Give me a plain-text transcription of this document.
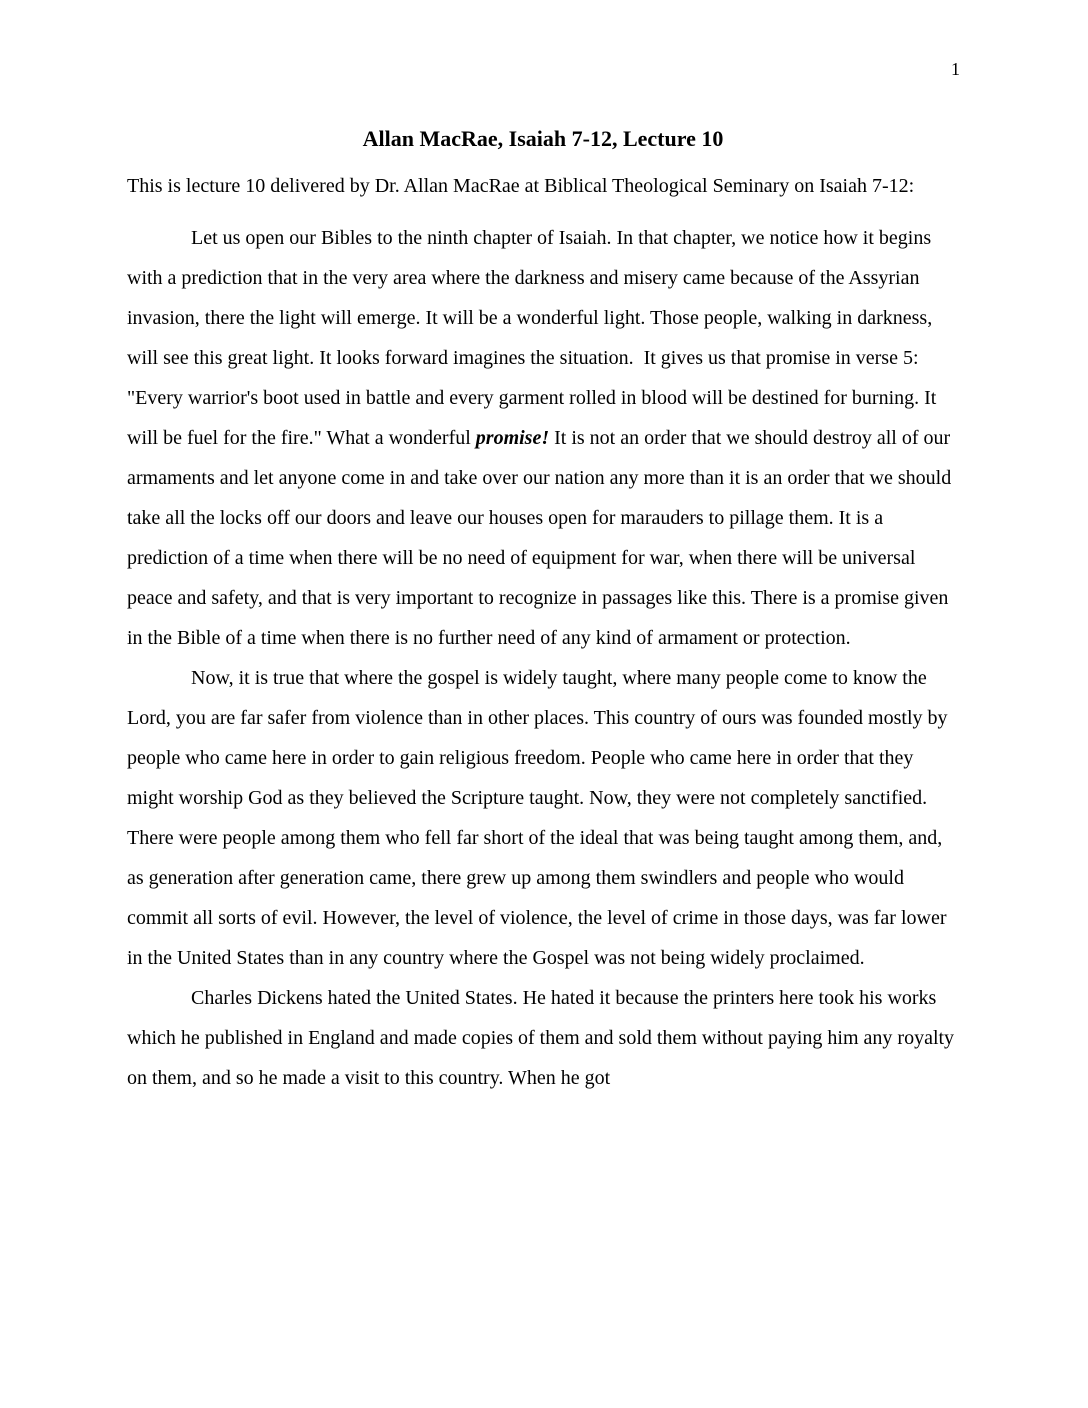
1
Allan MacRae, Isaiah 7-12, Lecture 10

This is lecture 10 delivered by Dr. Allan MacRae at Biblical Theological Seminary on Isaiah 7-12:

Let us open our Bibles to the ninth chapter of Isaiah. In that chapter, we notice how it begins with a prediction that in the very area where the darkness and misery came because of the Assyrian invasion, there the light will emerge. It will be a wonderful light. Those people, walking in darkness, will see this great light. It looks forward imagines the situation.  It gives us that promise in verse 5: "Every warrior's boot used in battle and every garment rolled in blood will be destined for burning. It will be fuel for the fire." What a wonderful promise! It is not an order that we should destroy all of our armaments and let anyone come in and take over our nation any more than it is an order that we should take all the locks off our doors and leave our houses open for marauders to pillage them. It is a prediction of a time when there will be no need of equipment for war, when there will be universal peace and safety, and that is very important to recognize in passages like this. There is a promise given in the Bible of a time when there is no further need of any kind of armament or protection.

Now, it is true that where the gospel is widely taught, where many people come to know the Lord, you are far safer from violence than in other places. This country of ours was founded mostly by people who came here in order to gain religious freedom. People who came here in order that they might worship God as they believed the Scripture taught. Now, they were not completely sanctified. There were people among them who fell far short of the ideal that was being taught among them, and, as generation after generation came, there grew up among them swindlers and people who would commit all sorts of evil. However, the level of violence, the level of crime in those days, was far lower in the United States than in any country where the Gospel was not being widely proclaimed.

Charles Dickens hated the United States. He hated it because the printers here took his works which he published in England and made copies of them and sold them without paying him any royalty on them, and so he made a visit to this country. When he got
